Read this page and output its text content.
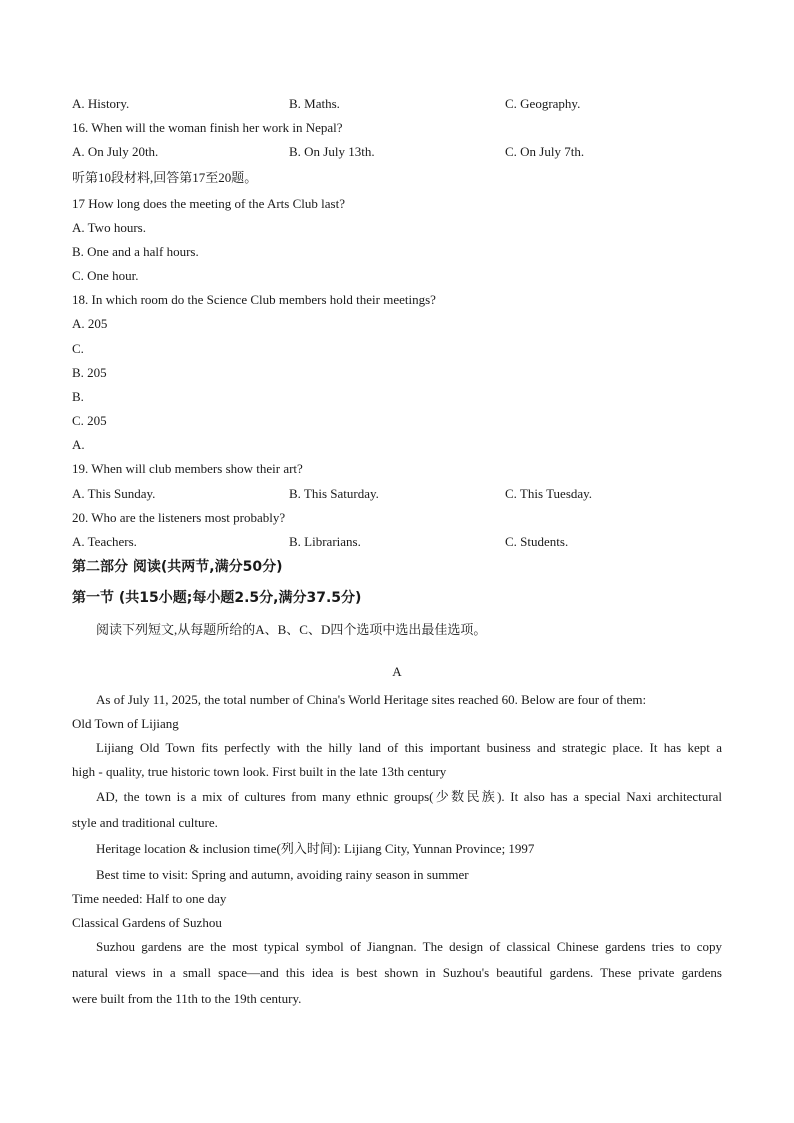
A. History.	B. Maths.	C. Geography.
16. When will the woman finish her work in Nepal?
A. On July 20th.	B. On July 13th.	C. On July 7th.
听第10段材料,回答第17至20题。
17 How long does the meeting of the Arts Club last?
A. Two hours.
B. One and a half hours.
C. One hour.
18. In which room do the Science Club members hold their meetings?
A. 205
C.
B. 205
B.
C. 205
A.
19. When will club members show their art?
A. This Sunday.	B. This Saturday.	C. This Tuesday.
20. Who are the listeners most probably?
A. Teachers.	B. Librarians.	C. Students.
第二部分 阅读(共两节,满分50分)
第一节 (共15小题;每小题2.5分,满分37.5分)
阅读下列短文,从每题所给的A、B、C、D四个选项中选出最佳选项。
A
As of July 11, 2025, the total number of China's World Heritage sites reached 60. Below are four of them:
Old Town of Lijiang
Lijiang Old Town fits perfectly with the hilly land of this important business and strategic place. It has kept a
high - quality, true historic town look. First built in the late 13th century
AD, the town is a mix of cultures from many ethnic groups(少数民族). It also has a special Naxi architectural
style and traditional culture.
Heritage location & inclusion time(列入时间): Lijiang City, Yunnan Province; 1997
Best time to visit: Spring and autumn, avoiding rainy season in summer
Time needed: Half to one day
Classical Gardens of Suzhou
Suzhou gardens are the most typical symbol of Jiangnan. The design of classical Chinese gardens tries to copy
natural views in a small space—and this idea is best shown in Suzhou's beautiful gardens. These private gardens
were built from the 11th to the 19th century.
